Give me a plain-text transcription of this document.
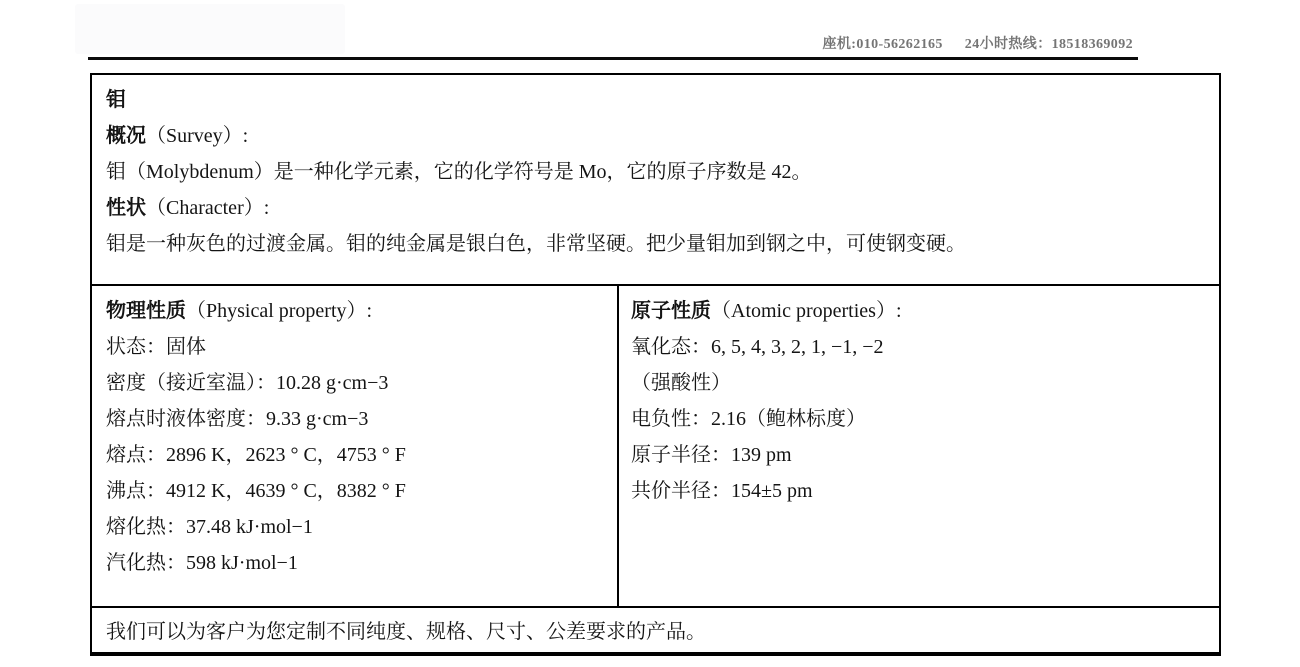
座机:010-56262165 24小时热线：18518369092
钼
概况（Survey）:
钼（Molybdenum）是一种化学元素，它的化学符号是 Mo，它的原子序数是 42。
性状（Character）:
钼是一种灰色的过渡金属。钼的纯金属是银白色，非常坚硬。把少量钼加到钢之中，可使钢变硬。
物理性质（Physical property）:
状态：固体
密度（接近室温）：10.28 g·cm−3
熔点时液体密度：9.33 g·cm−3
熔点：2896 K，2623 ° C，4753 ° F
沸点：4912 K，4639 ° C，8382 ° F
熔化热：37.48 kJ·mol−1
汽化热：598 kJ·mol−1
原子性质（Atomic properties）:
氧化态：6, 5, 4, 3, 2, 1, −1, −2
（强酸性）
电负性：2.16（鲍林标度）
原子半径：139 pm
共价半径：154±5 pm
我们可以为客户为您定制不同纯度、规格、尺寸、公差要求的产品。
